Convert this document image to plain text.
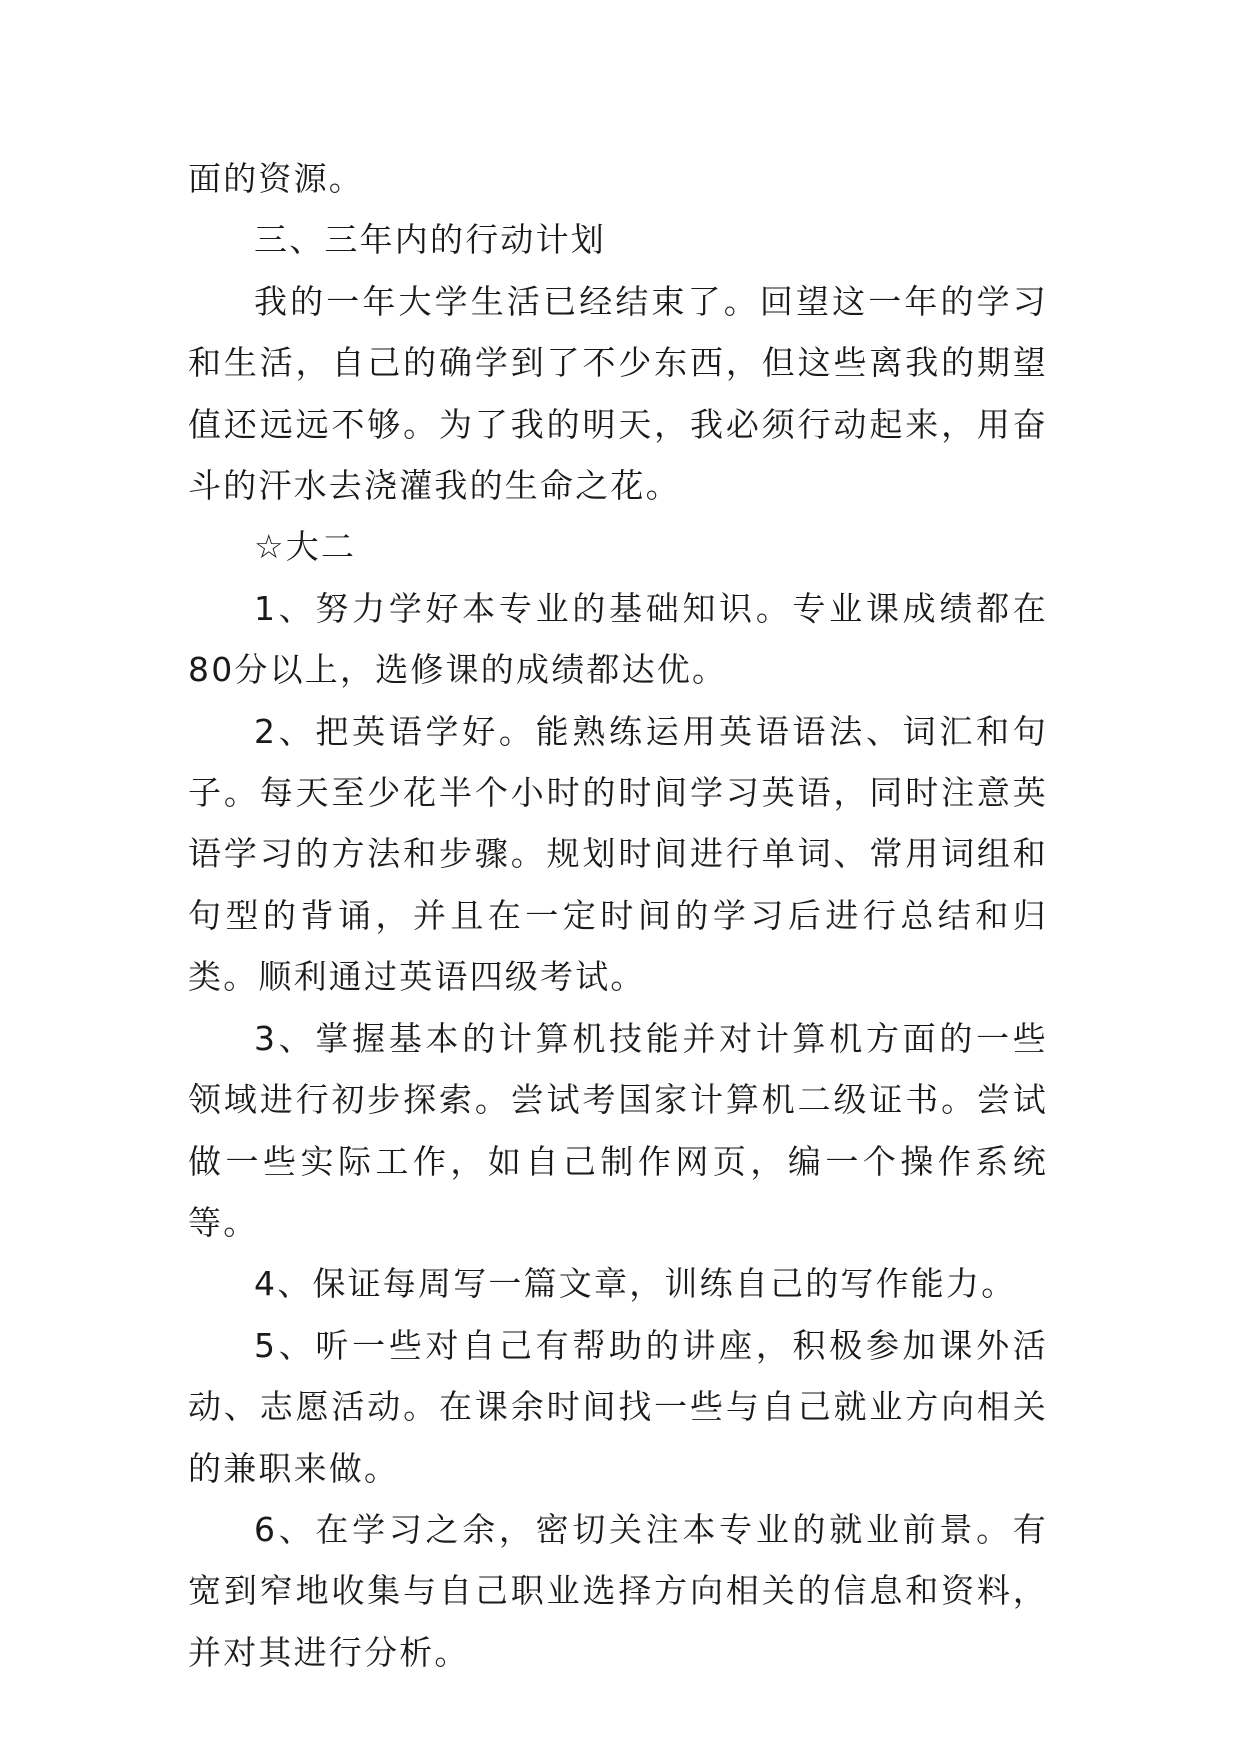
面的资源。

三、三年内的行动计划

我的一年大学生活已经结束了。回望这一年的学习和生活，自己的确学到了不少东西，但这些离我的期望值还远远不够。为了我的明天，我必须行动起来，用奋斗的汗水去浇灌我的生命之花。

☆大二

1、努力学好本专业的基础知识。专业课成绩都在80分以上，选修课的成绩都达优。

2、把英语学好。能熟练运用英语语法、词汇和句子。每天至少花半个小时的时间学习英语，同时注意英语学习的方法和步骤。规划时间进行单词、常用词组和句型的背诵，并且在一定时间的学习后进行总结和归类。顺利通过英语四级考试。

3、掌握基本的计算机技能并对计算机方面的一些领域进行初步探索。尝试考国家计算机二级证书。尝试做一些实际工作，如自己制作网页，编一个操作系统等。

4、保证每周写一篇文章，训练自己的写作能力。

5、听一些对自己有帮助的讲座，积极参加课外活动、志愿活动。在课余时间找一些与自己就业方向相关的兼职来做。

6、在学习之余，密切关注本专业的就业前景。有宽到窄地收集与自己职业选择方向相关的信息和资料，并对其进行分析。
